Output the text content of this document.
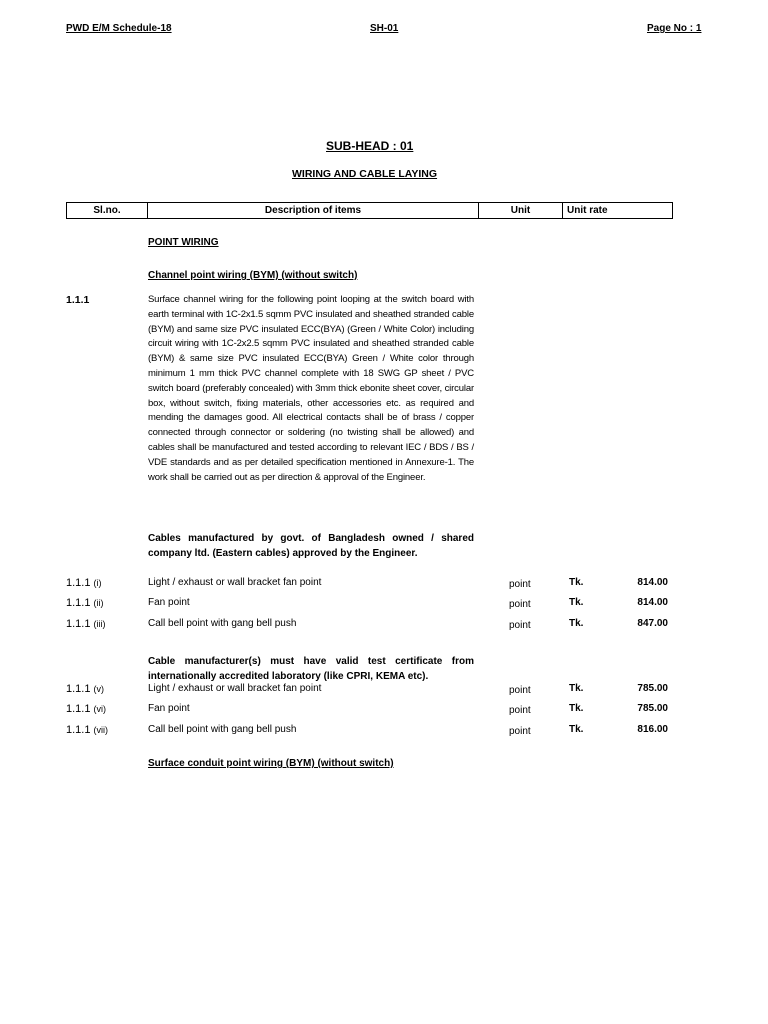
PWD E/M Schedule-18	SH-01	Page No : 1
SUB-HEAD : 01
WIRING AND CABLE LAYING
Sl.no.	Description of items	Unit	Unit rate
POINT WIRING
Channel point wiring (BYM) (without switch)
1.1.1	Surface channel wiring for the following point looping at the switch board with earth terminal with 1C-2x1.5 sqmm PVC insulated and sheathed stranded cable (BYM) and same size PVC insulated ECC(BYA) (Green / White Color) including circuit wiring with 1C-2x2.5 sqmm PVC insulated and sheathed stranded cable (BYM) & same size PVC insulated ECC(BYA) Green / White color through minimum 1 mm thick PVC channel complete with 18 SWG GP sheet / PVC switch board (preferably concealed) with 3mm thick ebonite sheet cover, circular box, without switch, fixing materials, other accessories etc. as required and mending the damages good. All electrical contacts shall be of brass / copper connected through connector or soldering (no twisting shall be allowed) and cables shall be manufactured and tested according to relevant IEC / BDS / BS / VDE standards and as per detailed specification mentioned in Annexure-1. The work shall be carried out as per direction & approval of the Engineer.
Cables manufactured by govt. of Bangladesh owned / shared company ltd. (Eastern cables) approved by the Engineer.
1.1.1 (i)	Light / exhaust or wall bracket fan point	point	Tk.	814.00
1.1.1 (ii)	Fan point	point	Tk.	814.00
1.1.1 (iii)	Call bell point with gang bell push	point	Tk.	847.00
Cable manufacturer(s) must have valid test certificate from internationally accredited laboratory (like CPRI, KEMA etc).
1.1.1 (v)	Light / exhaust or wall bracket fan point	point	Tk.	785.00
1.1.1 (vi)	Fan point	point	Tk.	785.00
1.1.1 (vii)	Call bell point with gang bell push	point	Tk.	816.00
Surface conduit point wiring (BYM) (without switch)
